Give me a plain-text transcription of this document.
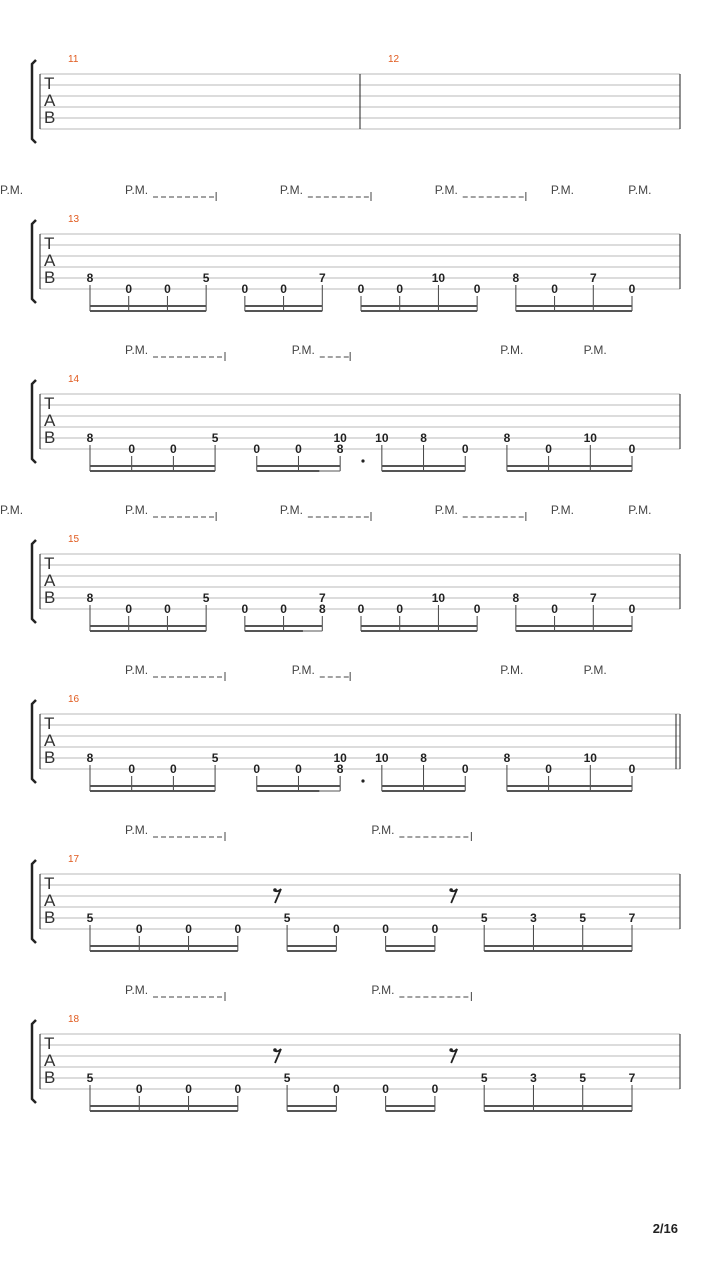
T
A
B
11	12
T
A
B
13
8
0	0
5
0	0
7
0	0
10
0
8
0
7
0
P.M.	P.M.	P.M.	P.M.	P.M.
P.M.
T
A
B
14
8
0	0
5
0	0
10
8
10	8
0
8
0
10
0
P.M.	P.M.	P.M.	P.M.
T
A
B
15
8
0	0
5
0	0
7
8	0	0
10
0
8
0
7
0
P.M.	P.M.	P.M.	P.M.	P.M.
P.M.
T
A
B
16
8
0	0
5
0	0
10
8
10	8
0
8
0
10
0
P.M.	P.M.	P.M.	P.M.
T
A
B
17
5
0	0	0
5
0	0	0
5	3	5	7
P.M.	P.M.
T
A
B
18
5
0	0	0
5
0	0	0
5	3	5	7
P.M.	P.M.
2/16
